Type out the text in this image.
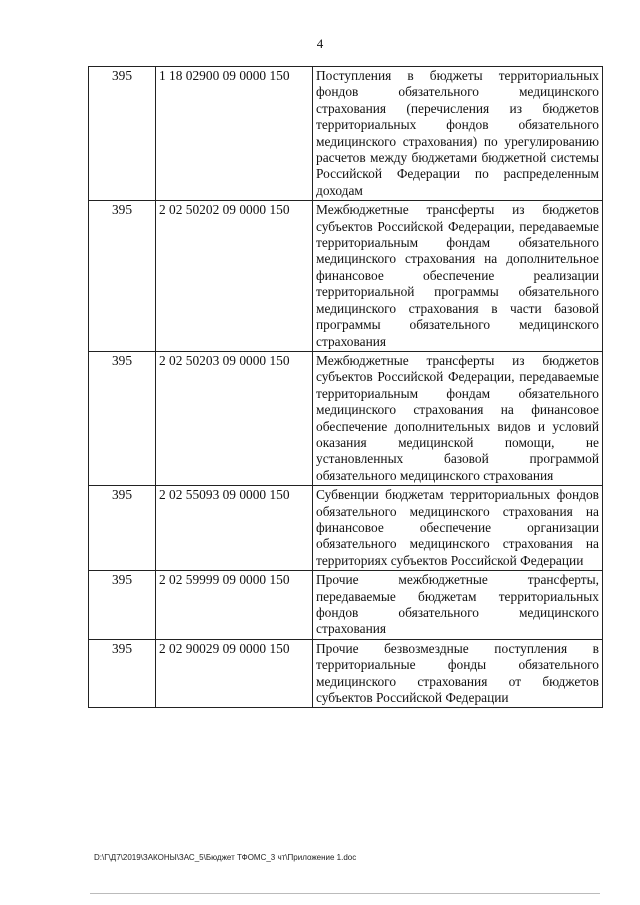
4
395	1 18 02900 09 0000 150	Поступления в бюджеты территориальных фондов обязательного медицинского страхования (перечисления из бюджетов территориальных фондов обязательного медицинского страхования) по урегулированию расчетов между бюджетами бюджетной системы Российской Федерации по распределенным доходам
395	2 02 50202 09 0000 150	Межбюджетные трансферты из бюджетов субъектов Российской Федерации, передаваемые территориальным фондам обязательного медицинского страхования на дополнительное финансовое обеспечение реализации территориальной программы обязательного медицинского страхования в части базовой программы обязательного медицинского страхования
395	2 02 50203 09 0000 150	Межбюджетные трансферты из бюджетов субъектов Российской Федерации, передаваемые территориальным фондам обязательного медицинского страхования на финансовое обеспечение дополнительных видов и условий оказания медицинской помощи, не установленных базовой программой обязательного медицинского страхования
395	2 02 55093 09 0000 150	Субвенции бюджетам территориальных фондов обязательного медицинского страхования на финансовое обеспечение организации обязательного медицинского страхования на территориях субъектов Российской Федерации
395	2 02 59999 09 0000 150	Прочие межбюджетные трансферты, передаваемые бюджетам территориальных фондов обязательного медицинского страхования
395	2 02 90029 09 0000 150	Прочие безвозмездные поступления в территориальные фонды обязательного медицинского страхования от бюджетов субъектов Российской Федерации
D:\Г\Д7\2019\ЗАКОНЫ\ЗАС_5\Бюджет ТФОМС_3 чт\Приложение 1.doc
